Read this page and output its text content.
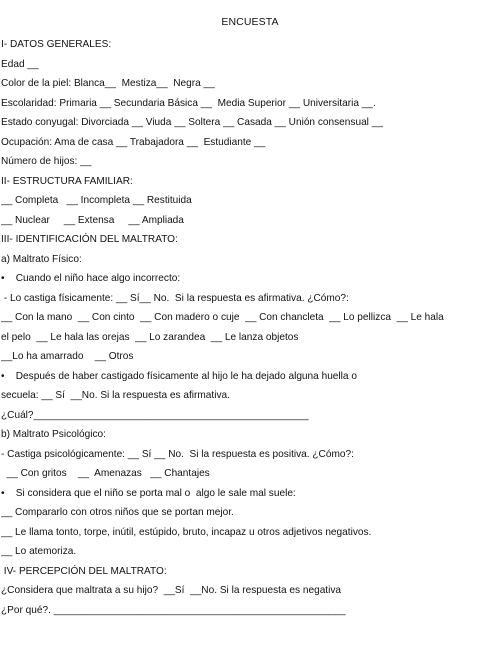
ENCUESTA
I- DATOS GENERALES:
Edad __
Color de la piel: Blanca__  Mestiza__  Negra __
Escolaridad: Primaria __ Secundaria Básica __  Media Superior __ Universitaria __.
Estado conyugal: Divorciada __ Viuda __ Soltera __ Casada __ Unión consensual __
Ocupación: Ama de casa __ Trabajadora __  Estudiante __
Número de hijos: __
II- ESTRUCTURA FAMILIAR:
__ Completa   __ Incompleta __ Restituida
__ Nuclear     __ Extensa     __ Ampliada
III- IDENTIFICACIÓN DEL MALTRATO:
a) Maltrato Físico:
•    Cuando el niño hace algo incorrecto:
- Lo castiga físicamente: __ Sí__ No.  Si la respuesta es afirmativa. ¿Cómo?:
__ Con la mano  __ Con cinto  __ Con madero o cuje  __ Con chancleta  __ Lo pellizca  __ Le hala
el pelo  __ Le hala las orejas  __ Lo zarandea  __ Le lanza objetos
__Lo ha amarrado    __ Otros
•    Después de haber castigado físicamente al hijo le ha dejado alguna huella o
secuela: __ Sí  __No. Si la respuesta es afirmativa.
¿Cuál?_________________________________________________
b) Maltrato Psicológico:
- Castiga psicológicamente: __ Sí __ No.  Si la respuesta es positiva. ¿Cómo?:
__ Con gritos    __  Amenazas   __ Chantajes
•    Si considera que el niño se porta mal o  algo le sale mal suele:
__ Compararlo con otros niños que se portan mejor.
__ Le llama tonto, torpe, inútil, estúpido, bruto, incapaz u otros adjetivos negativos.
__ Lo atemoriza.
IV- PERCEPCIÓN DEL MALTRATO:
¿Considera que maltrata a su hijo?  __Sí  __No. Si la respuesta es negativa
¿Por qué?. ____________________________________________________
